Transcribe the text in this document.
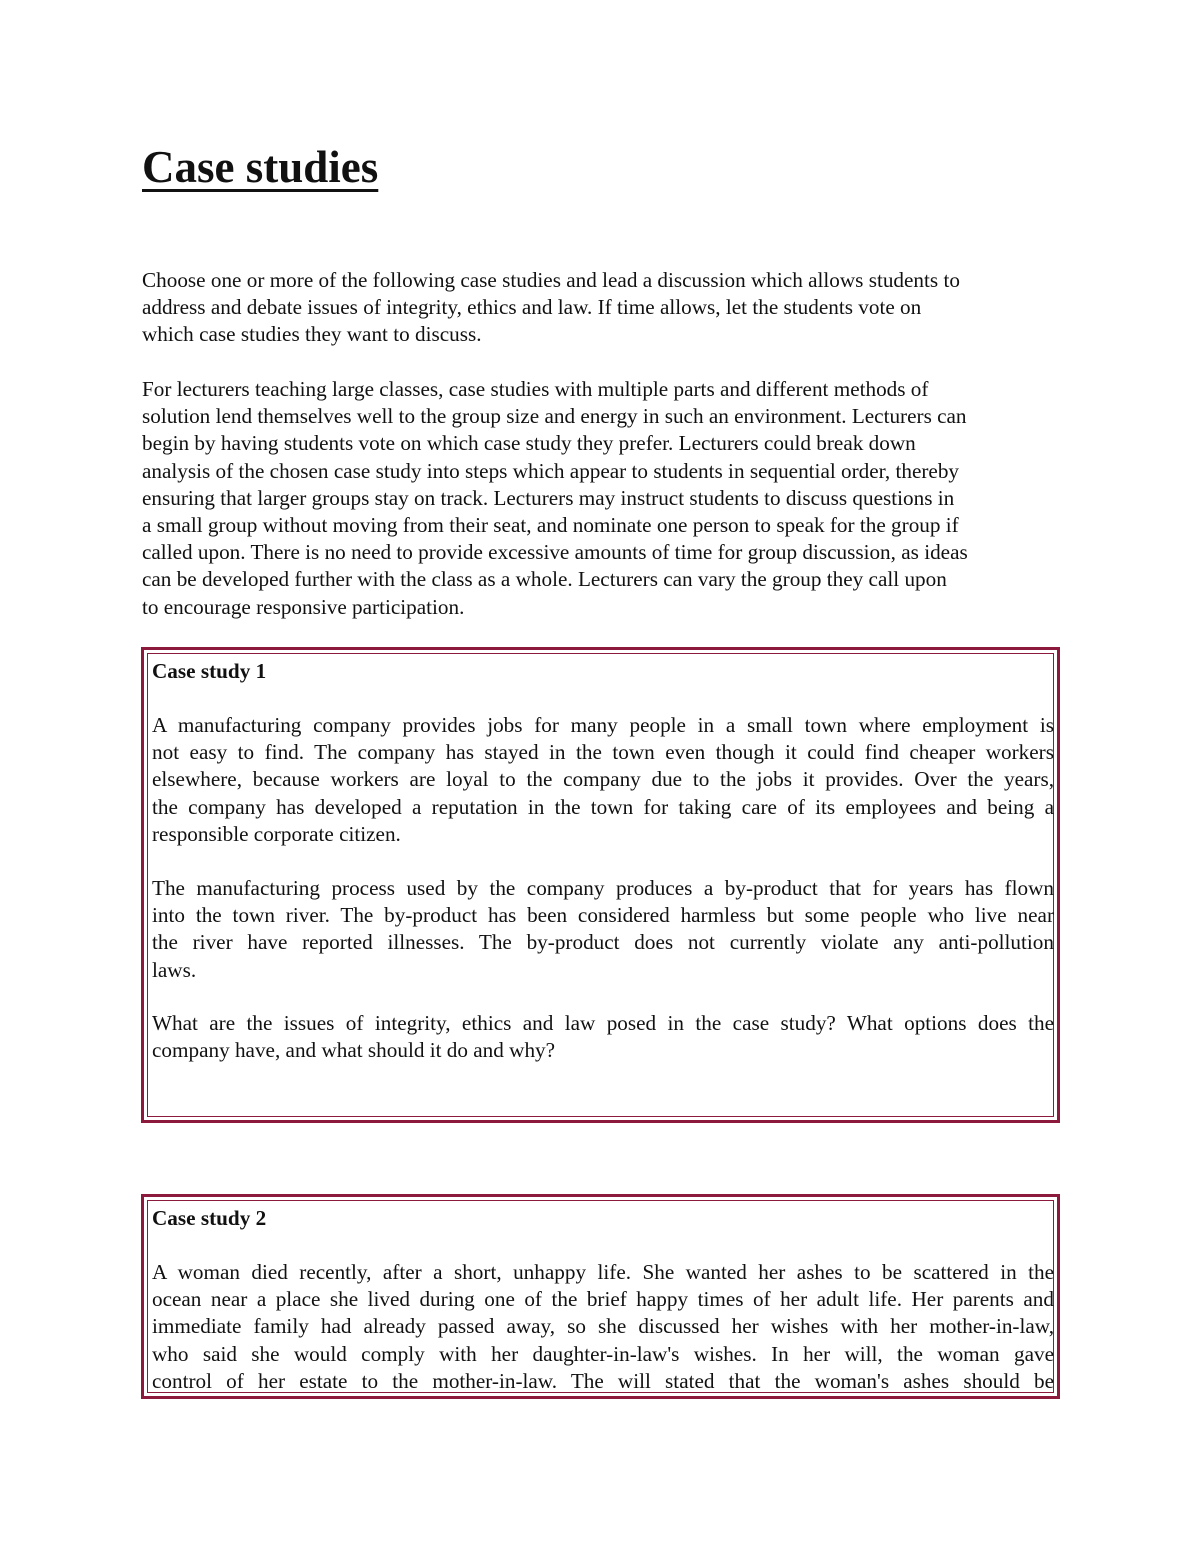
Case studies

Choose one or more of the following case studies and lead a discussion which allows students to
address and debate issues of integrity, ethics and law. If time allows, let the students vote on
which case studies they want to discuss.

For lecturers teaching large classes, case studies with multiple parts and different methods of
solution lend themselves well to the group size and energy in such an environment. Lecturers can
begin by having students vote on which case study they prefer. Lecturers could break down
analysis of the chosen case study into steps which appear to students in sequential order, thereby
ensuring that larger groups stay on track. Lecturers may instruct students to discuss questions in
a small group without moving from their seat, and nominate one person to speak for the group if
called upon. There is no need to provide excessive amounts of time for group discussion, as ideas
can be developed further with the class as a whole. Lecturers can vary the group they call upon
to encourage responsive participation.

Case study 1

A manufacturing company provides jobs for many people in a small town where employment is
not easy to find. The company has stayed in the town even though it could find cheaper workers
elsewhere, because workers are loyal to the company due to the jobs it provides. Over the years,
the company has developed a reputation in the town for taking care of its employees and being a
responsible corporate citizen.

The manufacturing process used by the company produces a by-product that for years has flown
into the town river. The by-product has been considered harmless but some people who live near
the river have reported illnesses. The by-product does not currently violate any anti-pollution
laws.

What are the issues of integrity, ethics and law posed in the case study? What options does the
company have, and what should it do and why?

Case study 2

A woman died recently, after a short, unhappy life. She wanted her ashes to be scattered in the
ocean near a place she lived during one of the brief happy times of her adult life. Her parents and
immediate family had already passed away, so she discussed her wishes with her mother-in-law,
who said she would comply with her daughter-in-law's wishes. In her will, the woman gave
control of her estate to the mother-in-law. The will stated that the woman's ashes should be
